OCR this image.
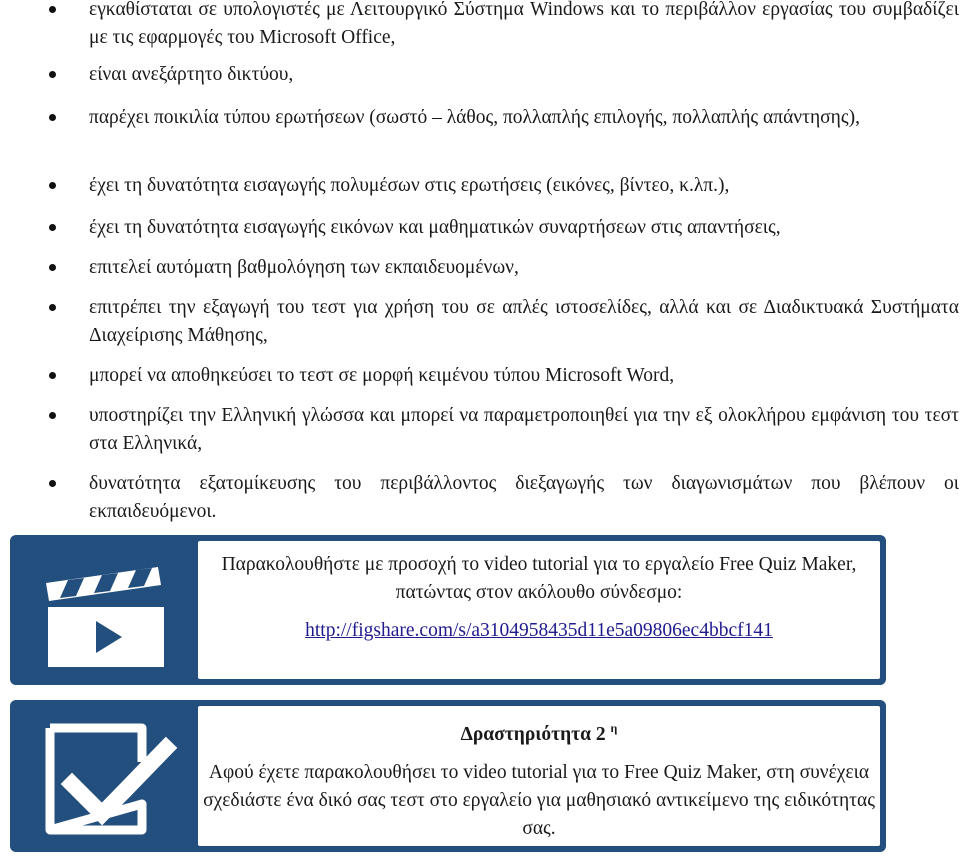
εγκαθίσταται σε υπολογιστές με Λειτουργικό Σύστημα Windows και το περιβάλλον εργασίας του συμβαδίζει με τις εφαρμογές του Microsoft Office,
είναι ανεξάρτητο δικτύου,
παρέχει ποικιλία τύπου ερωτήσεων (σωστό – λάθος, πολλαπλής επιλογής, πολλαπλής απάντησης),
έχει τη δυνατότητα εισαγωγής πολυμέσων στις ερωτήσεις (εικόνες, βίντεο, κ.λπ.),
έχει τη δυνατότητα εισαγωγής εικόνων και μαθηματικών συναρτήσεων στις απαντήσεις,
επιτελεί αυτόματη βαθμολόγηση των εκπαιδευομένων,
επιτρέπει την εξαγωγή του τεστ για χρήση του σε απλές ιστοσελίδες, αλλά και σε Διαδικτυακά Συστήματα Διαχείρισης Μάθησης,
μπορεί να αποθηκεύσει το τεστ σε μορφή κειμένου τύπου Microsoft Word,
υποστηρίζει την Ελληνική γλώσσα και μπορεί να παραμετροποιηθεί για την εξ ολοκλήρου εμφάνιση του τεστ στα Ελληνικά,
δυνατότητα εξατομίκευσης του περιβάλλοντος διεξαγωγής των διαγωνισμάτων που βλέπουν οι εκπαιδευόμενοι.
Παρακολουθήστε με προσοχή το video tutorial για το εργαλείο Free Quiz Maker, πατώντας στον ακόλουθο σύνδεσμο:
http://figshare.com/s/a3104958435d11e5a09806ec4bbcf141
Δραστηριότητα 2 $^\eta$
Αφού έχετε παρακολουθήσει το video tutorial για το Free Quiz Maker, στη συνέχεια σχεδιάστε ένα δικό σας τεστ στο εργαλείο για μαθησιακό αντικείμενο της ειδικότητας σας.
